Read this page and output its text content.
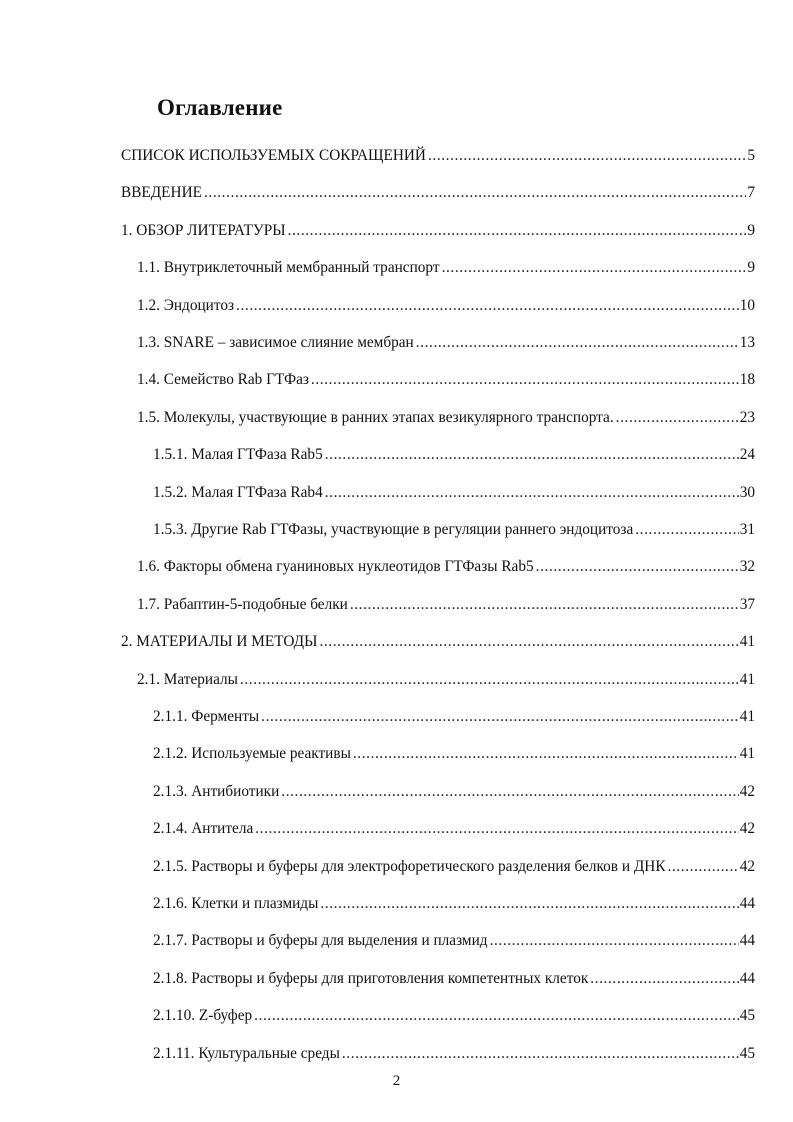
Оглавление
СПИСОК ИСПОЛЬЗУЕМЫХ СОКРАЩЕНИЙ .....	5
ВВЕДЕНИЕ .....	7
1. ОБЗОР ЛИТЕРАТУРЫ .....	9
1.1. Внутриклеточный мембранный транспорт .....	9
1.2. Эндоцитоз .....	10
1.3. SNARE – зависимое слияние мембран .....	13
1.4. Семейство Rab ГТФаз .....	18
1.5. Молекулы, участвующие в ранних этапах везикулярного транспорта. .....	23
1.5.1. Малая ГТФаза Rab5 .....	24
1.5.2. Малая ГТФаза Rab4 .....	30
1.5.3. Другие Rab ГТФазы, участвующие в регуляции раннего эндоцитоза .....	31
1.6. Факторы обмена гуаниновых нуклеотидов ГТФазы Rab5 .....	32
1.7. Рабаптин-5-подобные белки .....	37
2. МАТЕРИАЛЫ И МЕТОДЫ .....	41
2.1. Материалы .....	41
2.1.1. Ферменты .....	41
2.1.2. Используемые реактивы .....	41
2.1.3. Антибиотики .....	42
2.1.4. Антитела .....	42
2.1.5. Растворы и буферы для электрофоретического разделения белков и ДНК .....	42
2.1.6. Клетки и плазмиды .....	44
2.1.7. Растворы и буферы для выделения и плазмид .....	44
2.1.8. Растворы и буферы для приготовления компетентных клеток .....	44
2.1.10. Z-буфер .....	45
2.1.11. Культуральные среды .....	45
2
